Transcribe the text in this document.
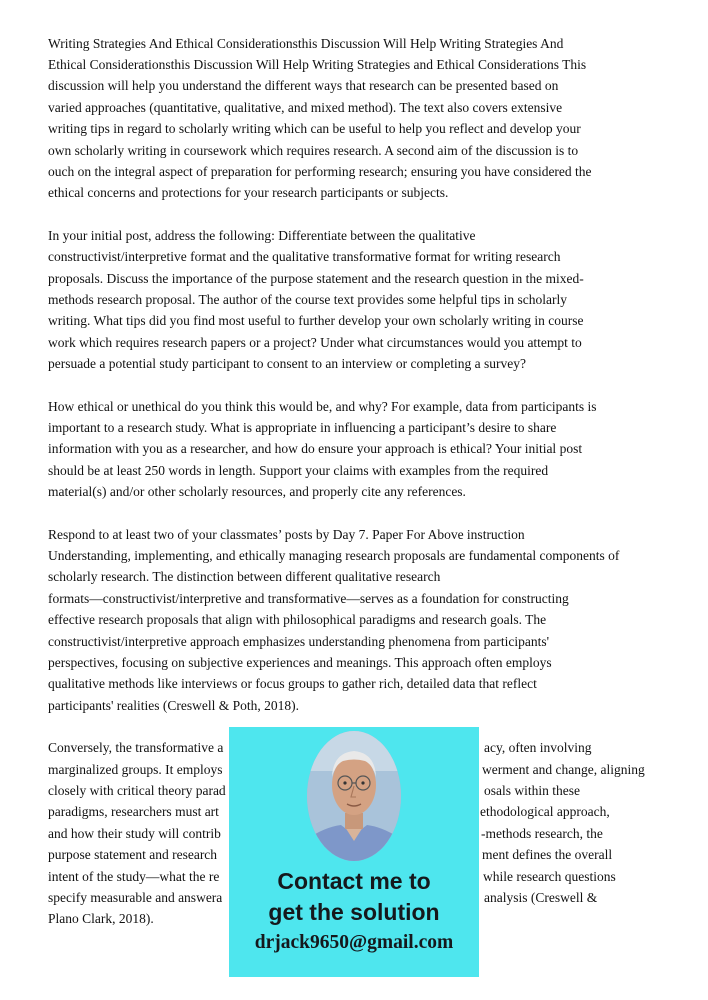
Writing Strategies And Ethical Considerationsthis Discussion Will Help Writing Strategies And
Ethical Considerationsthis Discussion Will Help Writing Strategies and Ethical Considerations This
discussion will help you understand the different ways that research can be presented based on
varied approaches (quantitative, qualitative, and mixed method). The text also covers extensive
writing tips in regard to scholarly writing which can be useful to help you reflect and develop your
own scholarly writing in coursework which requires research. A second aim of the discussion is to
ouch on the integral aspect of preparation for performing research; ensuring you have considered the
ethical concerns and protections for your research participants or subjects.
In your initial post, address the following: Differentiate between the qualitative
constructivist/interpretive format and the qualitative transformative format for writing research
proposals. Discuss the importance of the purpose statement and the research question in the mixed-
methods research proposal. The author of the course text provides some helpful tips in scholarly
writing. What tips did you find most useful to further develop your own scholarly writing in course
work which requires research papers or a project? Under what circumstances would you attempt to
persuade a potential study participant to consent to an interview or completing a survey?
How ethical or unethical do you think this would be, and why? For example, data from participants is
important to a research study. What is appropriate in influencing a participant’s desire to share
information with you as a researcher, and how do ensure your approach is ethical? Your initial post
should be at least 250 words in length. Support your claims with examples from the required
material(s) and/or other scholarly resources, and properly cite any references.
Respond to at least two of your classmates’ posts by Day 7. Paper For Above instruction
Understanding, implementing, and ethically managing research proposals are fundamental components of
scholarly research. The distinction between different qualitative research
formats—constructivist/interpretive and transformative—serves as a foundation for constructing
effective research proposals that align with philosophical paradigms and research goals. The
constructivist/interpretive approach emphasizes understanding phenomena from participants'
perspectives, focusing on subjective experiences and meanings. This approach often employs
qualitative methods like interviews or focus groups to gather rich, detailed data that reflect
participants' realities (Creswell & Poth, 2018).
Conversely, the transformative a	acy, often involving
marginalized groups. It employs	werment and change, aligning
closely with critical theory parad	osals within these
paradigms, researchers must art	ethodological approach,
and how their study will contrib	-methods research, the
purpose statement and research	ment defines the overall
intent of the study—what the re	while research questions
specify measurable and answera	analysis (Creswell &
Plano Clark, 2018).
Contact me to
get the solution
drjack9650@gmail.com
